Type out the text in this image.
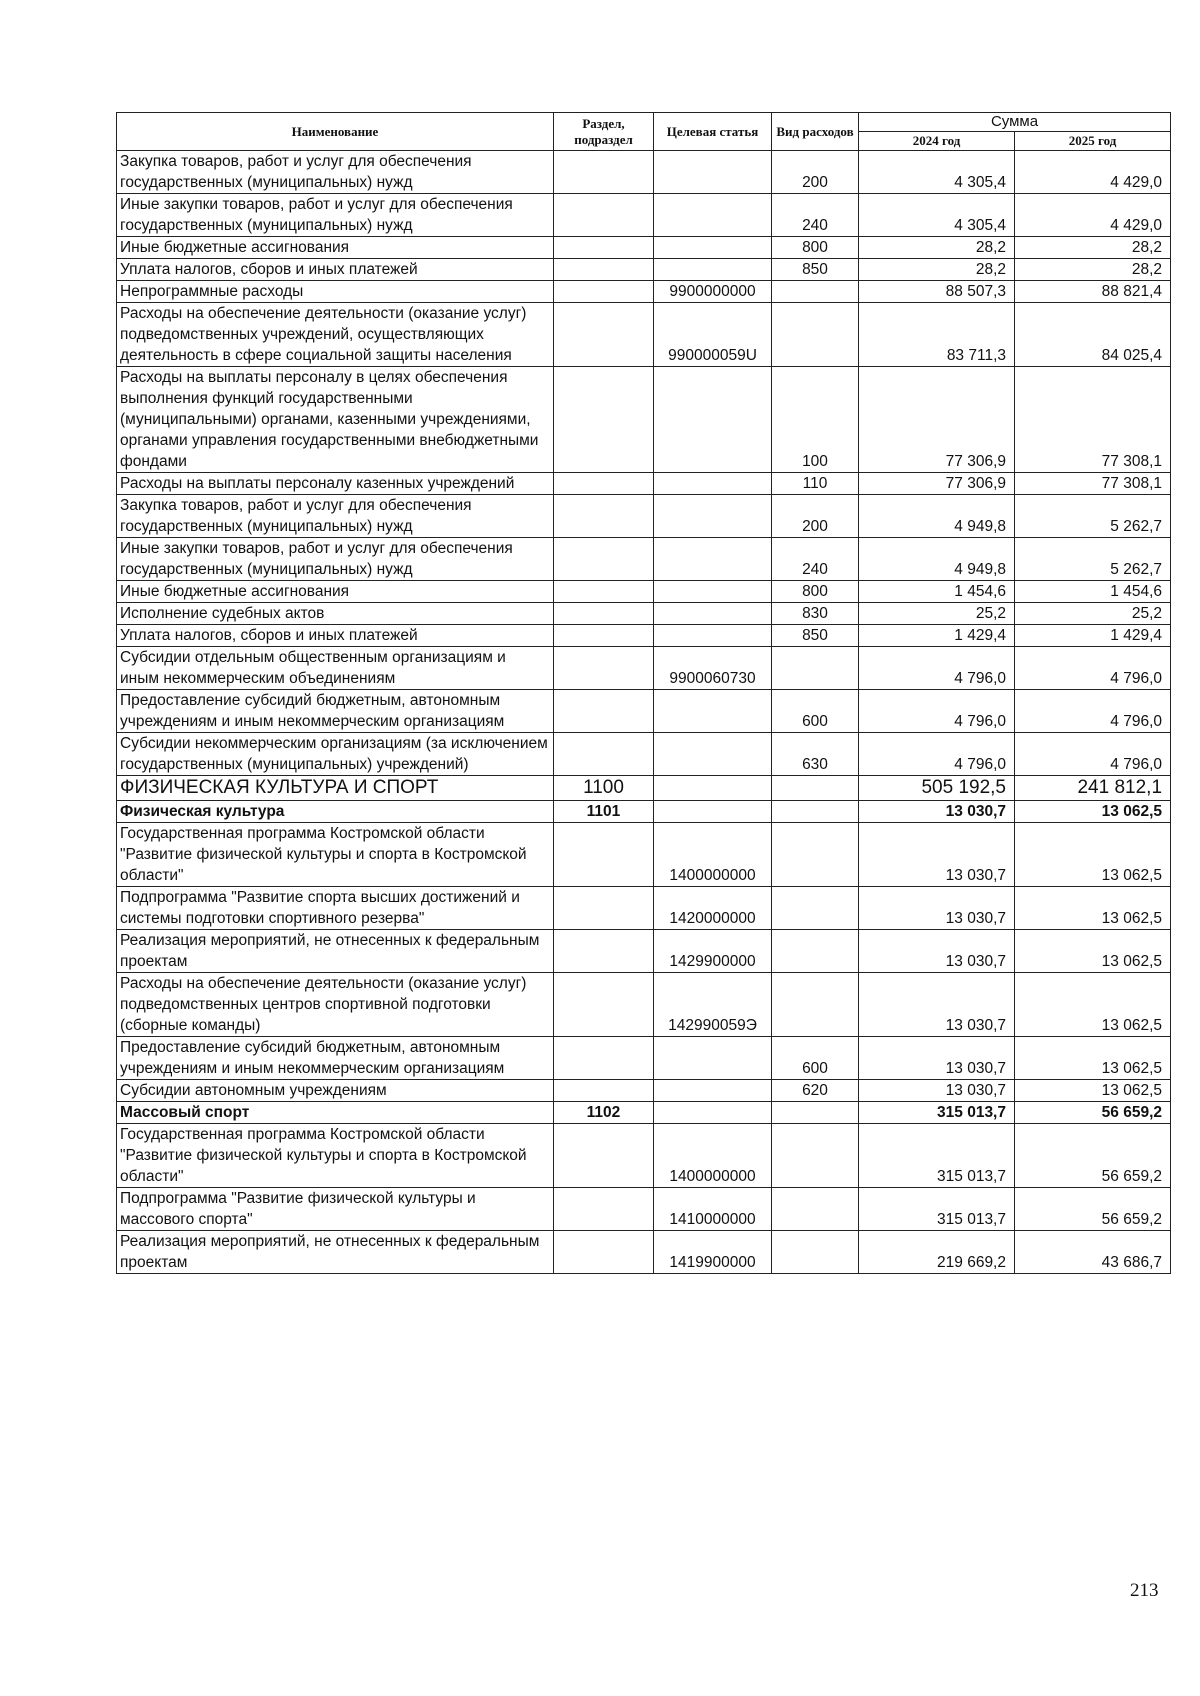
Наименование	Раздел, подраздел	Целевая статья	Вид расходов	Сумма	
				2024 год	2025 год
Закупка товаров, работ и услуг для обеспечения государственных (муниципальных) нужд			200	4 305,4	4 429,0
Иные закупки товаров, работ и услуг для обеспечения государственных (муниципальных) нужд			240	4 305,4	4 429,0
Иные бюджетные ассигнования			800	28,2	28,2
Уплата налогов, сборов и иных платежей			850	28,2	28,2
Непрограммные расходы		9900000000		88 507,3	88 821,4
Расходы на обеспечение деятельности (оказание услуг) подведомственных учреждений, осуществляющих деятельность в сфере социальной защиты населения		990000059U		83 711,3	84 025,4
Расходы на выплаты персоналу в целях обеспечения выполнения функций государственными (муниципальными) органами, казенными учреждениями, органами управления государственными внебюджетными фондами			100	77 306,9	77 308,1
Расходы на выплаты персоналу казенных учреждений			110	77 306,9	77 308,1
Закупка товаров, работ и услуг для обеспечения государственных (муниципальных) нужд			200	4 949,8	5 262,7
Иные закупки товаров, работ и услуг для обеспечения государственных (муниципальных) нужд			240	4 949,8	5 262,7
Иные бюджетные ассигнования			800	1 454,6	1 454,6
Исполнение судебных актов			830	25,2	25,2
Уплата налогов, сборов и иных платежей			850	1 429,4	1 429,4
Субсидии отдельным общественным организациям и иным некоммерческим объединениям		9900060730		4 796,0	4 796,0
Предоставление субсидий бюджетным, автономным учреждениям и иным некоммерческим организациям			600	4 796,0	4 796,0
Субсидии некоммерческим организациям (за исключением государственных (муниципальных) учреждений)			630	4 796,0	4 796,0
ФИЗИЧЕСКАЯ КУЛЬТУРА И СПОРТ	1100			505 192,5	241 812,1
Физическая культура	1101			13 030,7	13 062,5
Государственная программа Костромской области "Развитие физической культуры и спорта в Костромской области"		1400000000		13 030,7	13 062,5
Подпрограмма "Развитие спорта высших достижений и системы подготовки спортивного резерва"		1420000000		13 030,7	13 062,5
Реализация мероприятий, не отнесенных к федеральным проектам		1429900000		13 030,7	13 062,5
Расходы на обеспечение деятельности (оказание услуг) подведомственных центров спортивной подготовки (сборные команды)		142990059Э		13 030,7	13 062,5
Предоставление субсидий бюджетным, автономным учреждениям и иным некоммерческим организациям			600	13 030,7	13 062,5
Субсидии автономным учреждениям			620	13 030,7	13 062,5
Массовый спорт	1102			315 013,7	56 659,2
Государственная программа Костромской области "Развитие физической культуры и спорта в Костромской области"		1400000000		315 013,7	56 659,2
Подпрограмма "Развитие физической культуры и массового спорта"		1410000000		315 013,7	56 659,2
Реализация мероприятий, не отнесенных к федеральным проектам		1419900000		219 669,2	43 686,7
213
